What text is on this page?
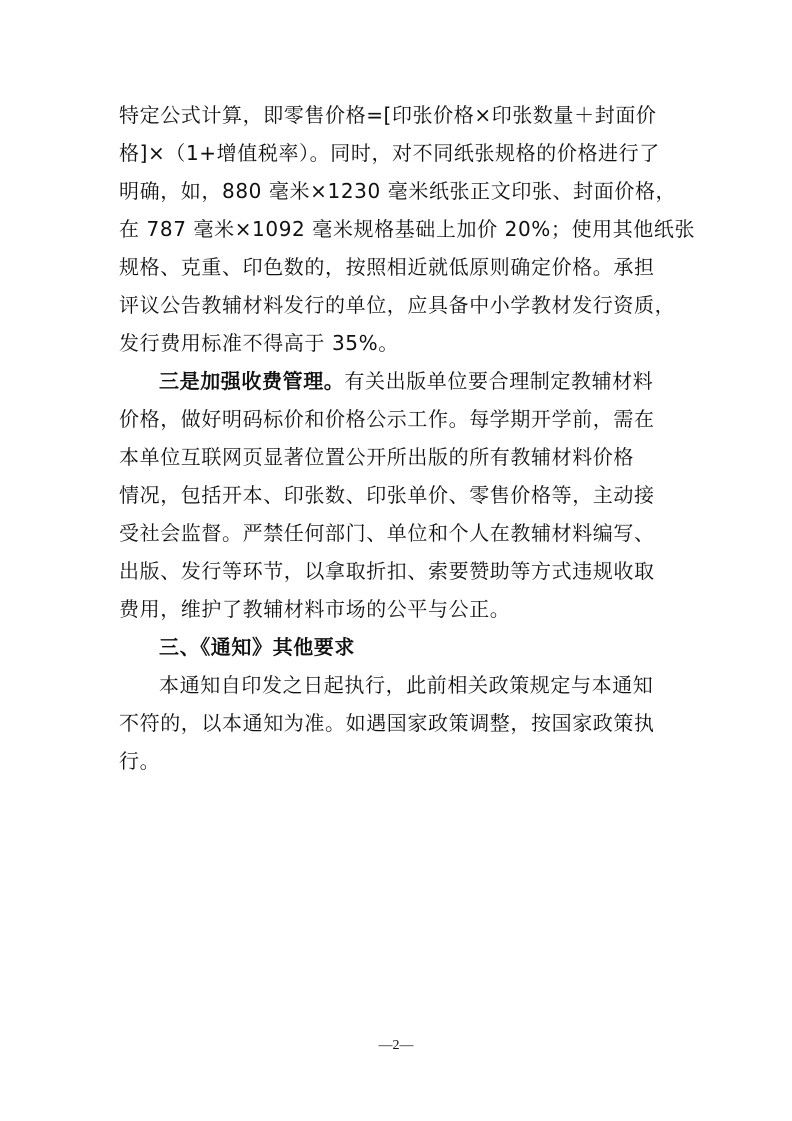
特定公式计算，即零售价格=[印张价格×印张数量＋封面价
格]×（1+增值税率）。同时，对不同纸张规格的价格进行了
明确，如，880 毫米×1230 毫米纸张正文印张、封面价格，
在 787 毫米×1092 毫米规格基础上加价 20%；使用其他纸张
规格、克重、印色数的，按照相近就低原则确定价格。承担
评议公告教辅材料发行的单位，应具备中小学教材发行资质，
发行费用标准不得高于 35%。
三是加强收费管理。有关出版单位要合理制定教辅材料
价格，做好明码标价和价格公示工作。每学期开学前，需在
本单位互联网页显著位置公开所出版的所有教辅材料价格
情况，包括开本、印张数、印张单价、零售价格等，主动接
受社会监督。严禁任何部门、单位和个人在教辅材料编写、
出版、发行等环节，以拿取折扣、索要赞助等方式违规收取
费用，维护了教辅材料市场的公平与公正。
三、《通知》其他要求
本通知自印发之日起执行，此前相关政策规定与本通知
不符的，以本通知为准。如遇国家政策调整，按国家政策执
行。
—2—
